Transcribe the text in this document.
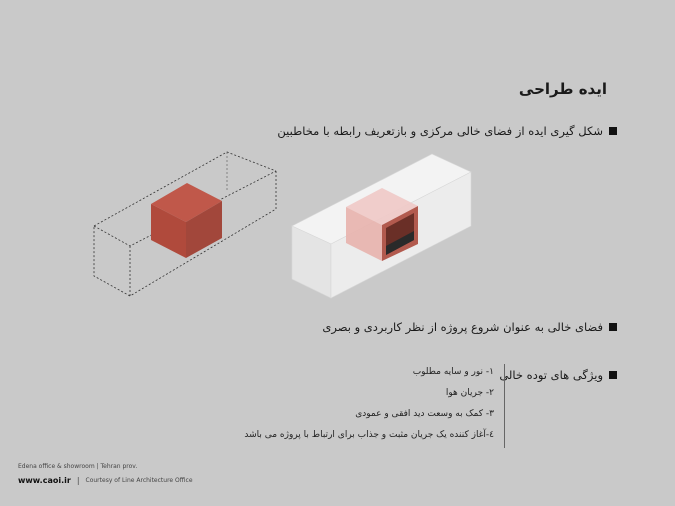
ایده طراحی
شکل گیری ایده از فضای خالی مرکزی و بازتعریف رابطه با مخاطبین
فضای خالی به عنوان شروع پروژه از نظر کاربردی و بصری
ویژگی های توده خالی
۱- نور و سایه مطلوب
۲- جریان هوا
۳- کمک به وسعت دید افقی و عمودی
٤-آغاز کننده یک جریان مثبت و جذاب برای ارتباط با پروژه می باشد
Edena office & showroom | Tehran prov.
www.caoi.ir | Courtesy of Line Architecture Office
